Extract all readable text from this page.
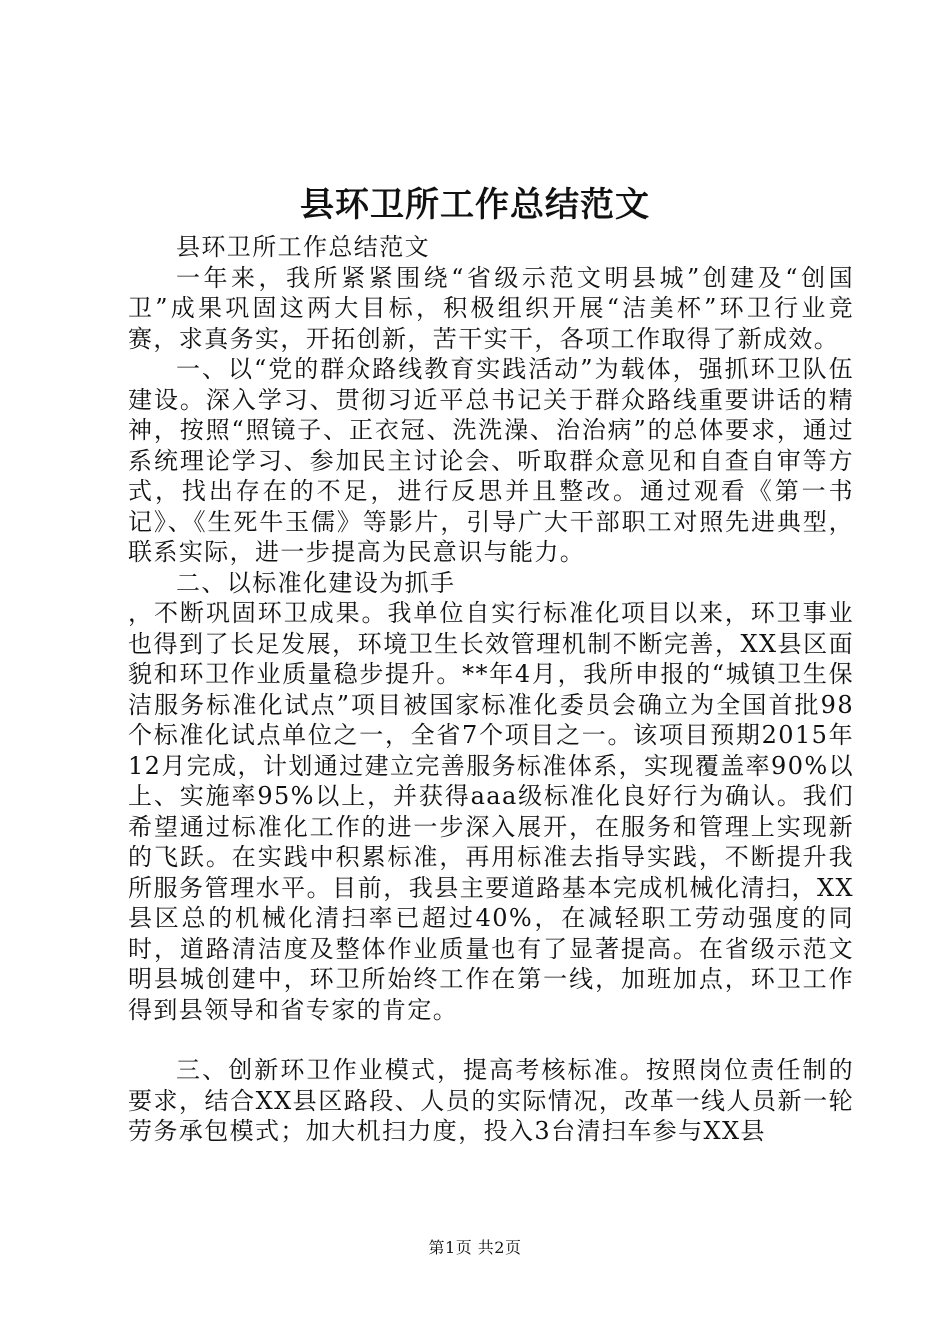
县环卫所工作总结范文

县环卫所工作总结范文

一年来，我所紧紧围绕“省级示范文明县城”创建及“创国卫”成果巩固这两大目标，积极组织开展“洁美杯”环卫行业竞赛，求真务实，开拓创新，苦干实干，各项工作取得了新成效。

一、以“党的群众路线教育实践活动”为载体，强抓环卫队伍建设。深入学习、贯彻习近平总书记关于群众路线重要讲话的精神，按照“照镜子、正衣冠、洗洗澡、治治病”的总体要求，通过系统理论学习、参加民主讨论会、听取群众意见和自查自审等方式，找出存在的不足，进行反思并且整改。通过观看《第一书记》、《生死牛玉儒》等影片，引导广大干部职工对照先进典型，联系实际，进一步提高为民意识与能力。

二、以标准化建设为抓手

，不断巩固环卫成果。我单位自实行标准化项目以来，环卫事业也得到了长足发展，环境卫生长效管理机制不断完善，XX县区面貌和环卫作业质量稳步提升。**年4月，我所申报的“城镇卫生保洁服务标准化试点”项目被国家标准化委员会确立为全国首批98个标准化试点单位之一，全省7个项目之一。该项目预期2015年12月完成，计划通过建立完善服务标准体系，实现覆盖率90%以上、实施率95%以上，并获得aaa级标准化良好行为确认。我们希望通过标准化工作的进一步深入展开，在服务和管理上实现新的飞跃。在实践中积累标准，再用标准去指导实践，不断提升我所服务管理水平。目前，我县主要道路基本完成机械化清扫，XX县区总的机械化清扫率已超过40%，在减轻职工劳动强度的同时，道路清洁度及整体作业质量也有了显著提高。在省级示范文明县城创建中，环卫所始终工作在第一线，加班加点，环卫工作得到县领导和省专家的肯定。

三、创新环卫作业模式，提高考核标准。按照岗位责任制的要求，结合XX县区路段、人员的实际情况，改革一线人员新一轮劳务承包模式；加大机扫力度，投入3台清扫车参与XX县

第1页 共2页
